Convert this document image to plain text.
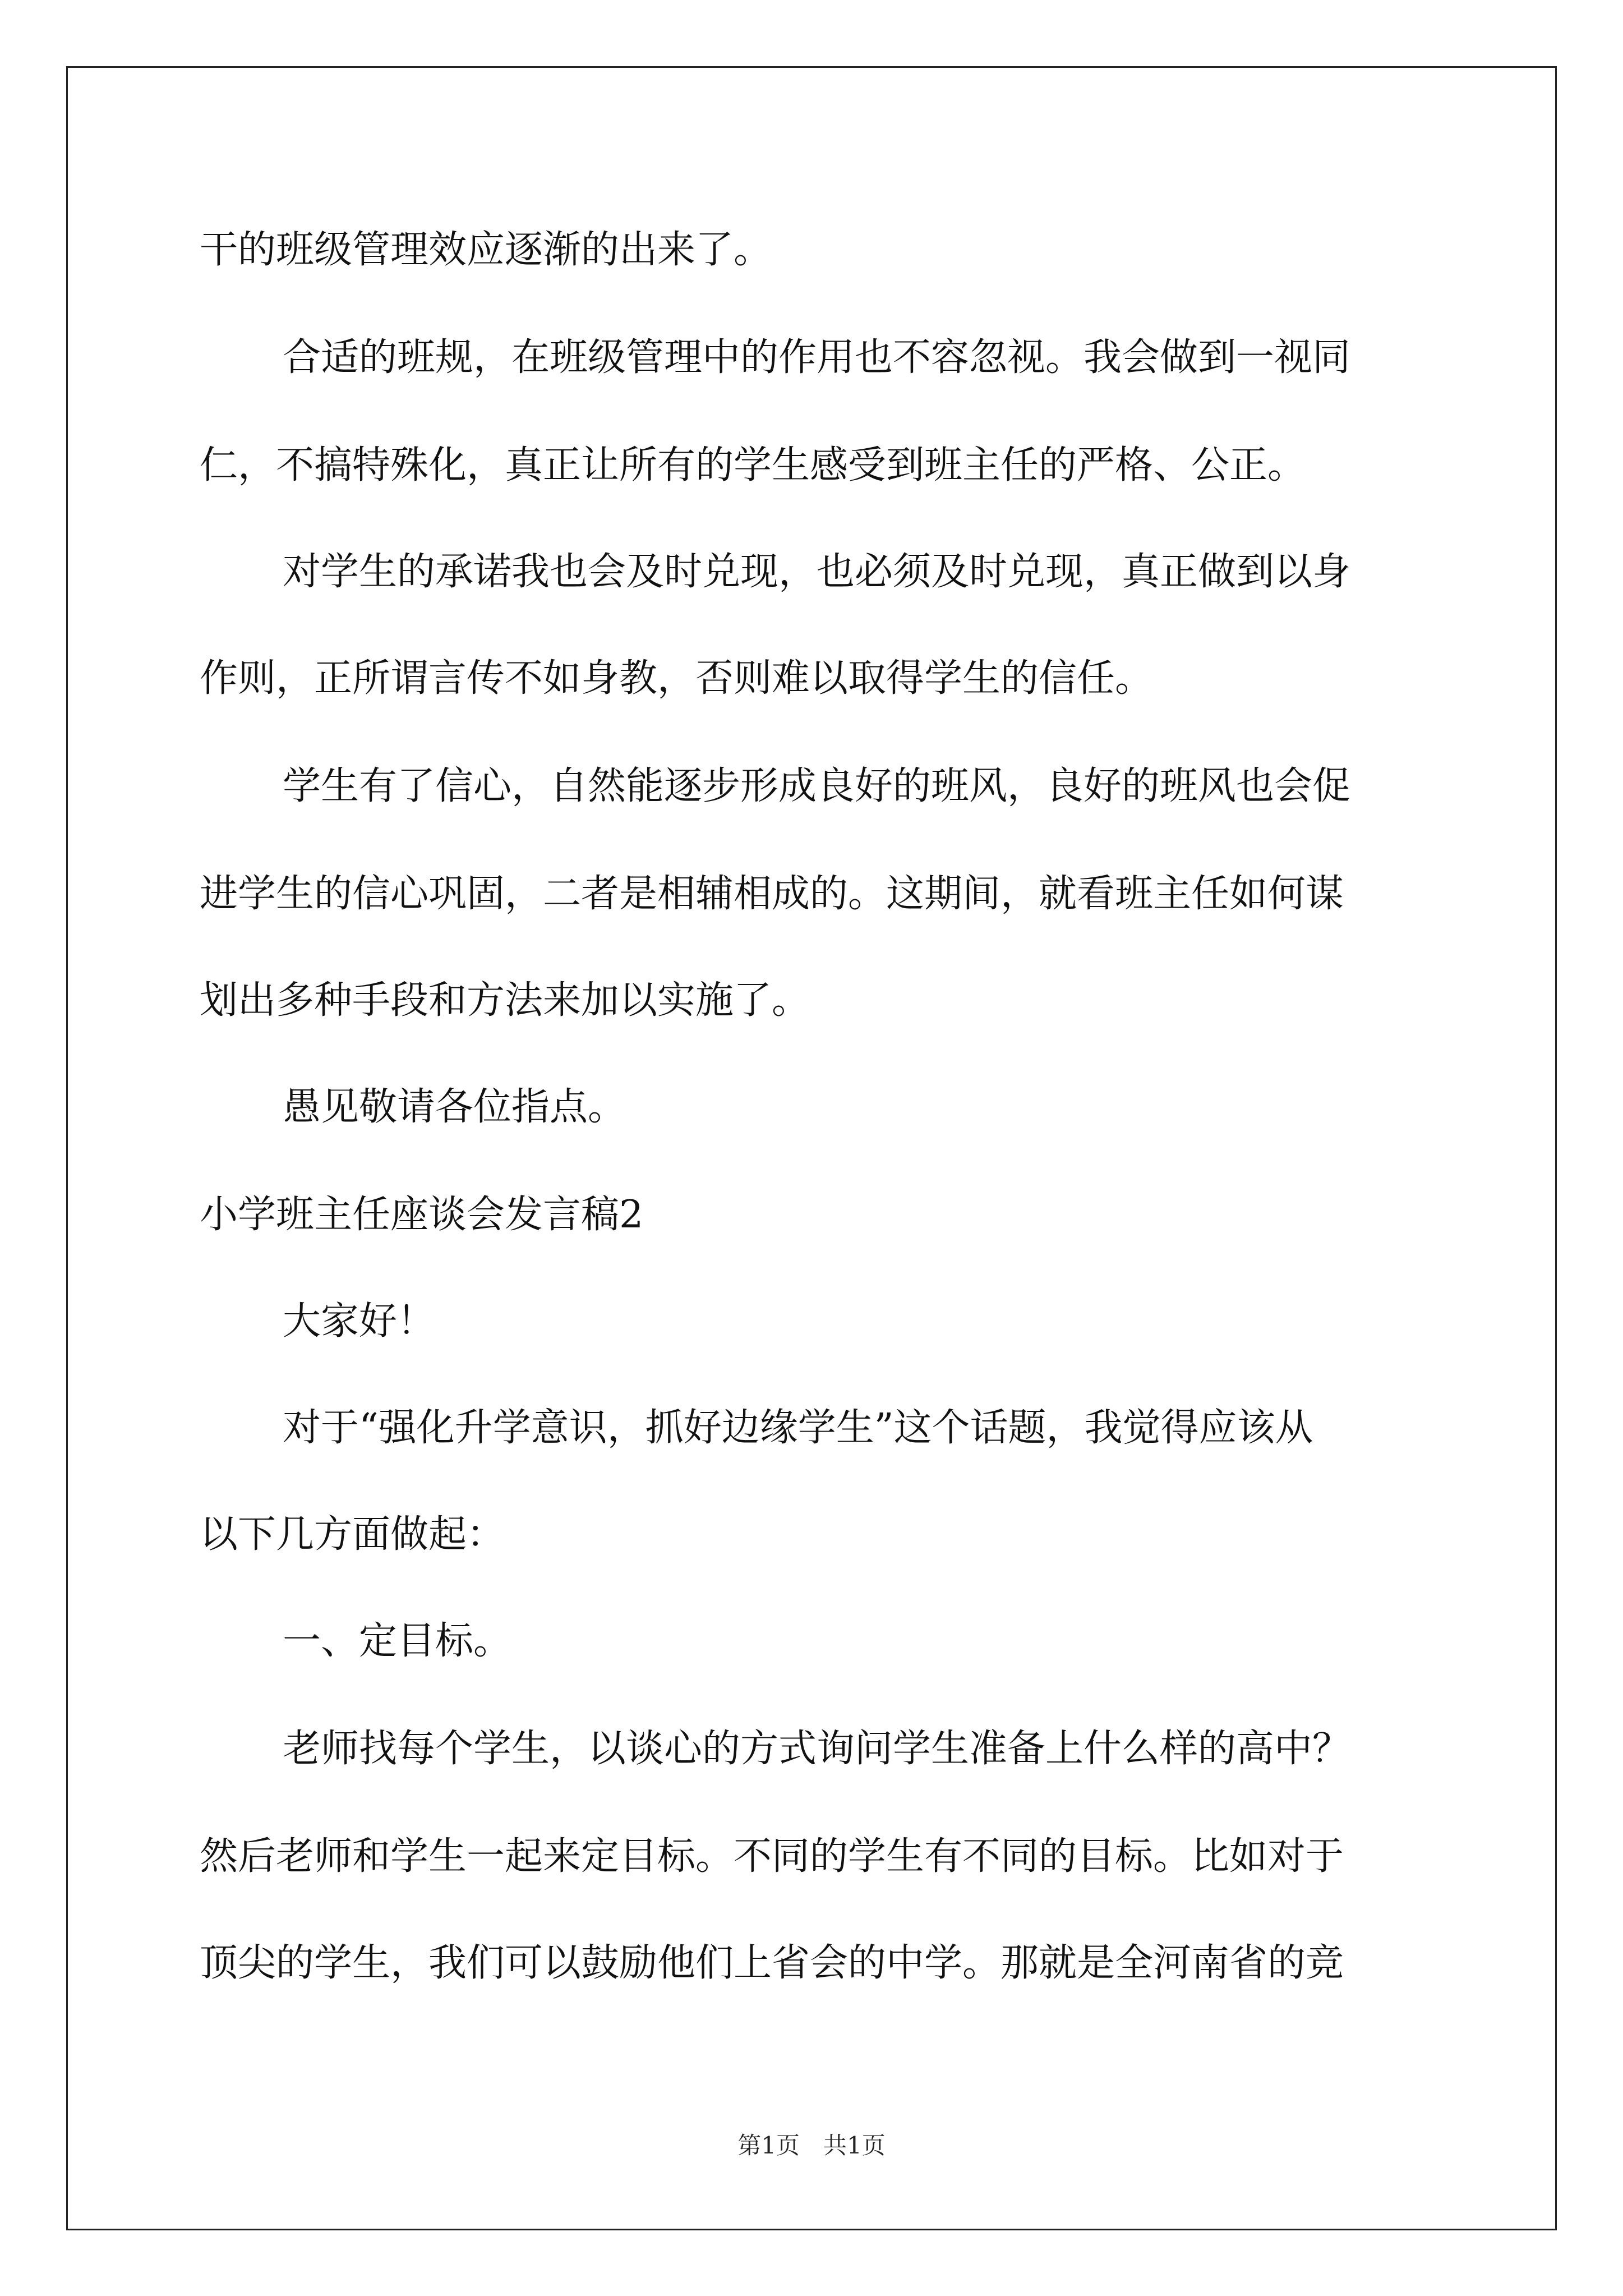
干的班级管理效应逐渐的出来了。
合适的班规，在班级管理中的作用也不容忽视。我会做到一视同
仁，不搞特殊化，真正让所有的学生感受到班主任的严格、公正。
对学生的承诺我也会及时兑现，也必须及时兑现，真正做到以身
作则，正所谓言传不如身教，否则难以取得学生的信任。
学生有了信心，自然能逐步形成良好的班风，良好的班风也会促
进学生的信心巩固，二者是相辅相成的。这期间，就看班主任如何谋
划出多种手段和方法来加以实施了。
愚见敬请各位指点。
小学班主任座谈会发言稿2
大家好！
对于“强化升学意识，抓好边缘学生”这个话题，我觉得应该从
以下几方面做起：
一、定目标。
老师找每个学生，以谈心的方式询问学生准备上什么样的高中？
然后老师和学生一起来定目标。不同的学生有不同的目标。比如对于
顶尖的学生，我们可以鼓励他们上省会的中学。那就是全河南省的竞
第1页　共1页
